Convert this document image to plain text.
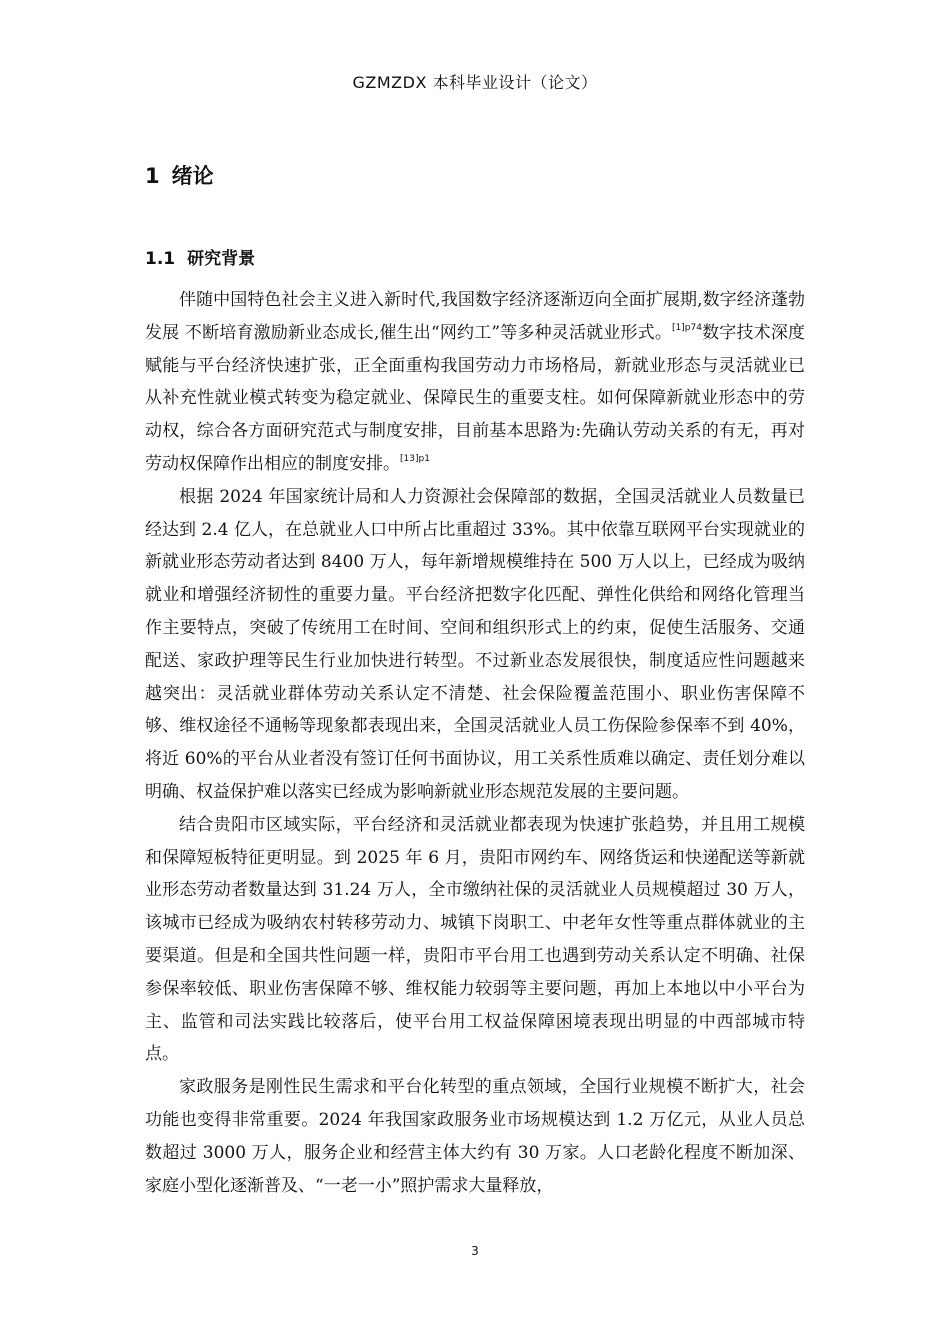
GZMZDX 本科毕业设计（论文）
1 绪论
1.1 研究背景

伴随中国特色社会主义进入新时代,我国数字经济逐渐迈向全面扩展期,数字经济蓬勃发展 不断培育激励新业态成长,催生出“网约工”等多种灵活就业形式。$^{[1]p74}$数字技术深度赋能与平台经济快速扩张，正全面重构我国劳动力市场格局，新就业形态与灵活就业已从补充性就业模式转变为稳定就业、保障民生的重要支柱。如何保障新就业形态中的劳动权，综合各方面研究范式与制度安排，目前基本思路为:先确认劳动关系的有无，再对劳动权保障作出相应的制度安排。$^{[13]p1}$

根据 2024 年国家统计局和人力资源社会保障部的数据，全国灵活就业人员数量已经达到 2.4 亿人，在总就业人口中所占比重超过 33%。其中依靠互联网平台实现就业的新就业形态劳动者达到 8400 万人，每年新增规模维持在 500 万人以上，已经成为吸纳就业和增强经济韧性的重要力量。平台经济把数字化匹配、弹性化供给和网络化管理当作主要特点，突破了传统用工在时间、空间和组织形式上的约束，促使生活服务、交通配送、家政护理等民生行业加快进行转型。不过新业态发展很快，制度适应性问题越来越突出：灵活就业群体劳动关系认定不清楚、社会保险覆盖范围小、职业伤害保障不够、维权途径不通畅等现象都表现出来，全国灵活就业人员工伤保险参保率不到 40%，将近 60%的平台从业者没有签订任何书面协议，用工关系性质难以确定、责任划分难以明确、权益保护难以落实已经成为影响新就业形态规范发展的主要问题。

结合贵阳市区域实际，平台经济和灵活就业都表现为快速扩张趋势，并且用工规模和保障短板特征更明显。到 2025 年 6 月，贵阳市网约车、网络货运和快递配送等新就业形态劳动者数量达到 31.24 万人，全市缴纳社保的灵活就业人员规模超过 30 万人，该城市已经成为吸纳农村转移劳动力、城镇下岗职工、中老年女性等重点群体就业的主要渠道。但是和全国共性问题一样，贵阳市平台用工也遇到劳动关系认定不明确、社保参保率较低、职业伤害保障不够、维权能力较弱等主要问题，再加上本地以中小平台为主、监管和司法实践比较落后，使平台用工权益保障困境表现出明显的中西部城市特点。

家政服务是刚性民生需求和平台化转型的重点领域，全国行业规模不断扩大，社会功能也变得非常重要。2024 年我国家政服务业市场规模达到 1.2 万亿元，从业人员总数超过 3000 万人，服务企业和经营主体大约有 30 万家。人口老龄化程度不断加深、家庭小型化逐渐普及、“一老一小”照护需求大量释放，

3
